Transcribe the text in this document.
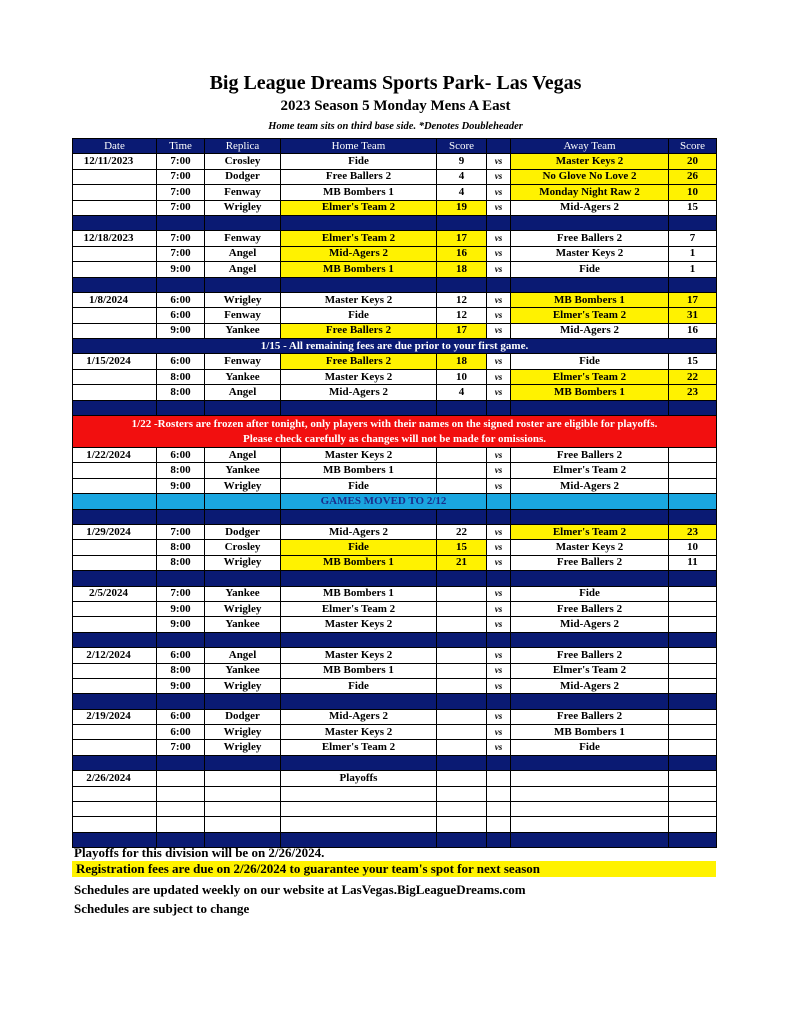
Big League Dreams Sports Park- Las Vegas
2023 Season 5 Monday Mens A East
Home team sits on third base side. *Denotes Doubleheader
Date	Time	Replica	Home Team	Score		Away Team	Score
12/11/2023	7:00	Crosley	Fide	9	vs	Master Keys 2	20
	7:00	Dodger	Free Ballers 2	4	vs	No Glove No Love 2	26
	7:00	Fenway	MB Bombers 1	4	vs	Monday Night Raw 2	10
	7:00	Wrigley	Elmer's Team 2	19	vs	Mid-Agers 2	15

12/18/2023	7:00	Fenway	Elmer's Team 2	17	vs	Free Ballers 2	7
	7:00	Angel	Mid-Agers 2	16	vs	Master Keys 2	1
	9:00	Angel	MB Bombers 1	18	vs	Fide	1

1/8/2024	6:00	Wrigley	Master Keys 2	12	vs	MB Bombers 1	17
	6:00	Fenway	Fide	12	vs	Elmer's Team 2	31
	9:00	Yankee	Free Ballers 2	17	vs	Mid-Agers 2	16
1/15 - All remaining fees are due prior to your first game.							
1/15/2024	6:00	Fenway	Free Ballers 2	18	vs	Fide	15
	8:00	Yankee	Master Keys 2	10	vs	Elmer's Team 2	22
	8:00	Angel	Mid-Agers 2	4	vs	MB Bombers 1	23

1/22 -Rosters are frozen after tonight, only players with their names on the signed roster are eligible for playoffs.
Please check carefully as changes will not be made for omissions.							
1/22/2024	6:00	Angel	Master Keys 2		vs	Free Ballers 2	
	8:00	Yankee	MB Bombers 1		vs	Elmer's Team 2	
	9:00	Wrigley	Fide		vs	Mid-Agers 2	
			GAMES MOVED TO 2/12				

1/29/2024	7:00	Dodger	Mid-Agers 2	22	vs	Elmer's Team 2	23
	8:00	Crosley	Fide	15	vs	Master Keys 2	10
	8:00	Wrigley	MB Bombers 1	21	vs	Free Ballers 2	11

2/5/2024	7:00	Yankee	MB Bombers 1		vs	Fide	
	9:00	Wrigley	Elmer's Team 2		vs	Free Ballers 2	
	9:00	Yankee	Master Keys 2		vs	Mid-Agers 2	

2/12/2024	6:00	Angel	Master Keys 2		vs	Free Ballers 2	
	8:00	Yankee	MB Bombers 1		vs	Elmer's Team 2	
	9:00	Wrigley	Fide		vs	Mid-Agers 2	

2/19/2024	6:00	Dodger	Mid-Agers 2		vs	Free Ballers 2	
	6:00	Wrigley	Master Keys 2		vs	MB Bombers 1	
	7:00	Wrigley	Elmer's Team 2		vs	Fide	

2/26/2024			Playoffs				

Playoffs for this division will be on 2/26/2024.
Registration fees are due on 2/26/2024 to guarantee your team's spot for next season
Schedules are updated weekly on our website at LasVegas.BigLeagueDreams.com
Schedules are subject to change
